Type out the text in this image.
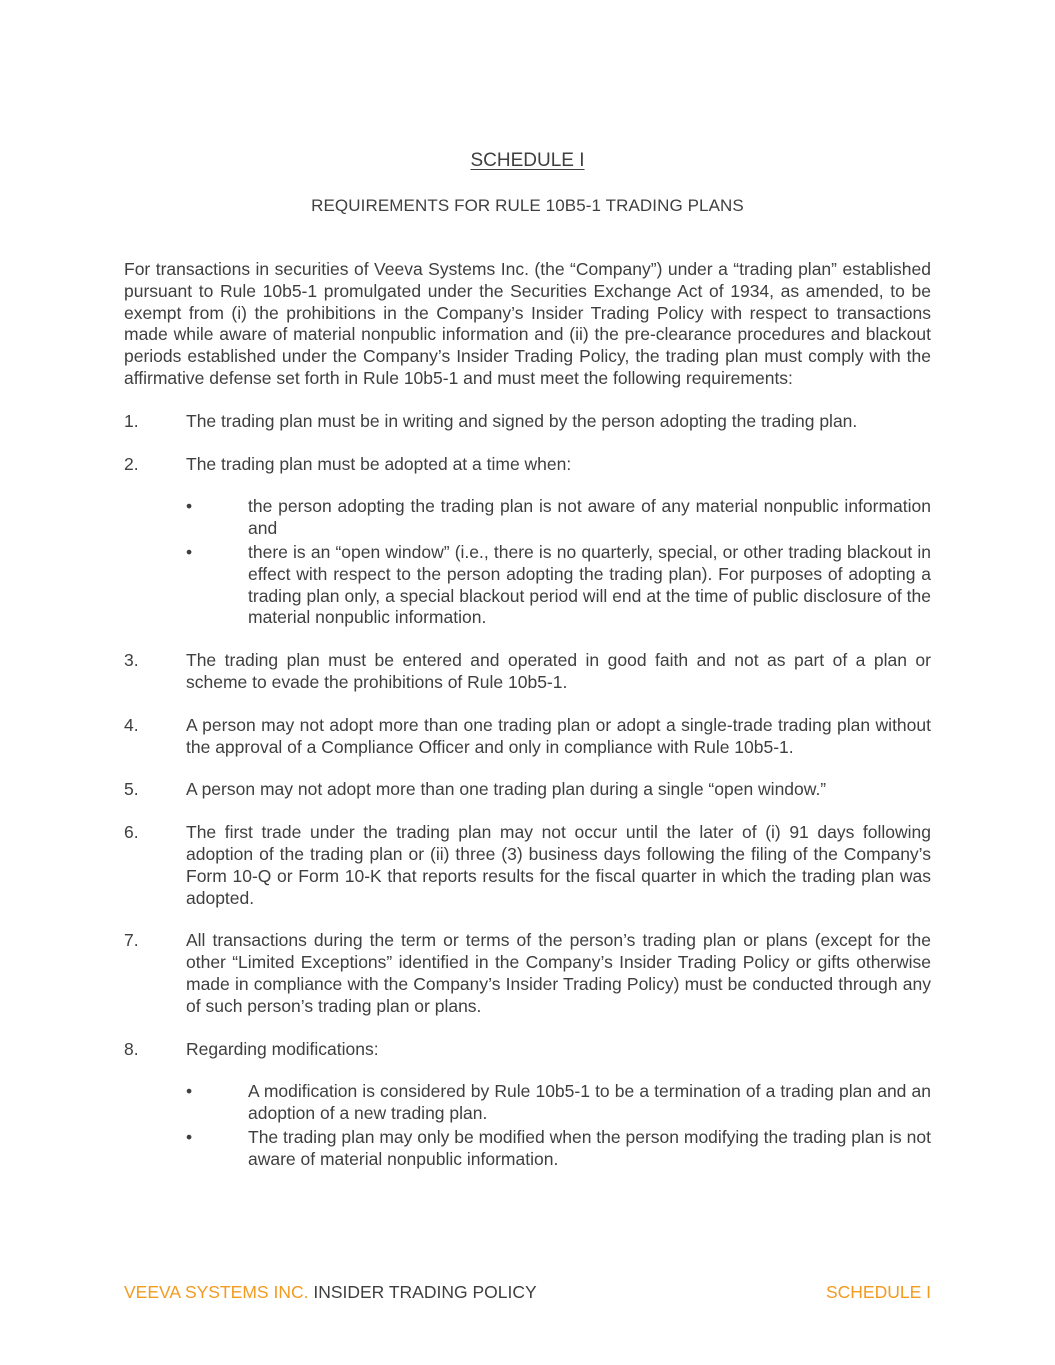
SCHEDULE I
REQUIREMENTS FOR RULE 10B5-1 TRADING PLANS

For transactions in securities of Veeva Systems Inc. (the “Company”) under a “trading plan” established pursuant to Rule 10b5-1 promulgated under the Securities Exchange Act of 1934, as amended, to be exempt from (i) the prohibitions in the Company’s Insider Trading Policy with respect to transactions made while aware of material nonpublic information and (ii) the pre-clearance procedures and blackout periods established under the Company’s Insider Trading Policy, the trading plan must comply with the affirmative defense set forth in Rule 10b5-1 and must meet the following requirements:

1.	The trading plan must be in writing and signed by the person adopting the trading plan.
2.	The trading plan must be adopted at a time when:
•	the person adopting the trading plan is not aware of any material nonpublic information and
•	there is an “open window” (i.e., there is no quarterly, special, or other trading blackout in effect with respect to the person adopting the trading plan). For purposes of adopting a trading plan only, a special blackout period will end at the time of public disclosure of the material nonpublic information.
3.	The trading plan must be entered and operated in good faith and not as part of a plan or scheme to evade the prohibitions of Rule 10b5-1.
4.	A person may not adopt more than one trading plan or adopt a single-trade trading plan without the approval of a Compliance Officer and only in compliance with Rule 10b5-1.
5.	A person may not adopt more than one trading plan during a single “open window.”
6.	The first trade under the trading plan may not occur until the later of (i) 91 days following adoption of the trading plan or (ii) three (3) business days following the filing of the Company’s Form 10-Q or Form 10-K that reports results for the fiscal quarter in which the trading plan was adopted.
7.	All transactions during the term or terms of the person’s trading plan or plans (except for the other “Limited Exceptions” identified in the Company’s Insider Trading Policy or gifts otherwise made in compliance with the Company’s Insider Trading Policy) must be conducted through any of such person’s trading plan or plans.
8.	Regarding modifications:
•	A modification is considered by Rule 10b5-1 to be a termination of a trading plan and an adoption of a new trading plan.
•	The trading plan may only be modified when the person modifying the trading plan is not aware of material nonpublic information.
VEEVA SYSTEMS INC. INSIDER TRADING POLICY	SCHEDULE I
